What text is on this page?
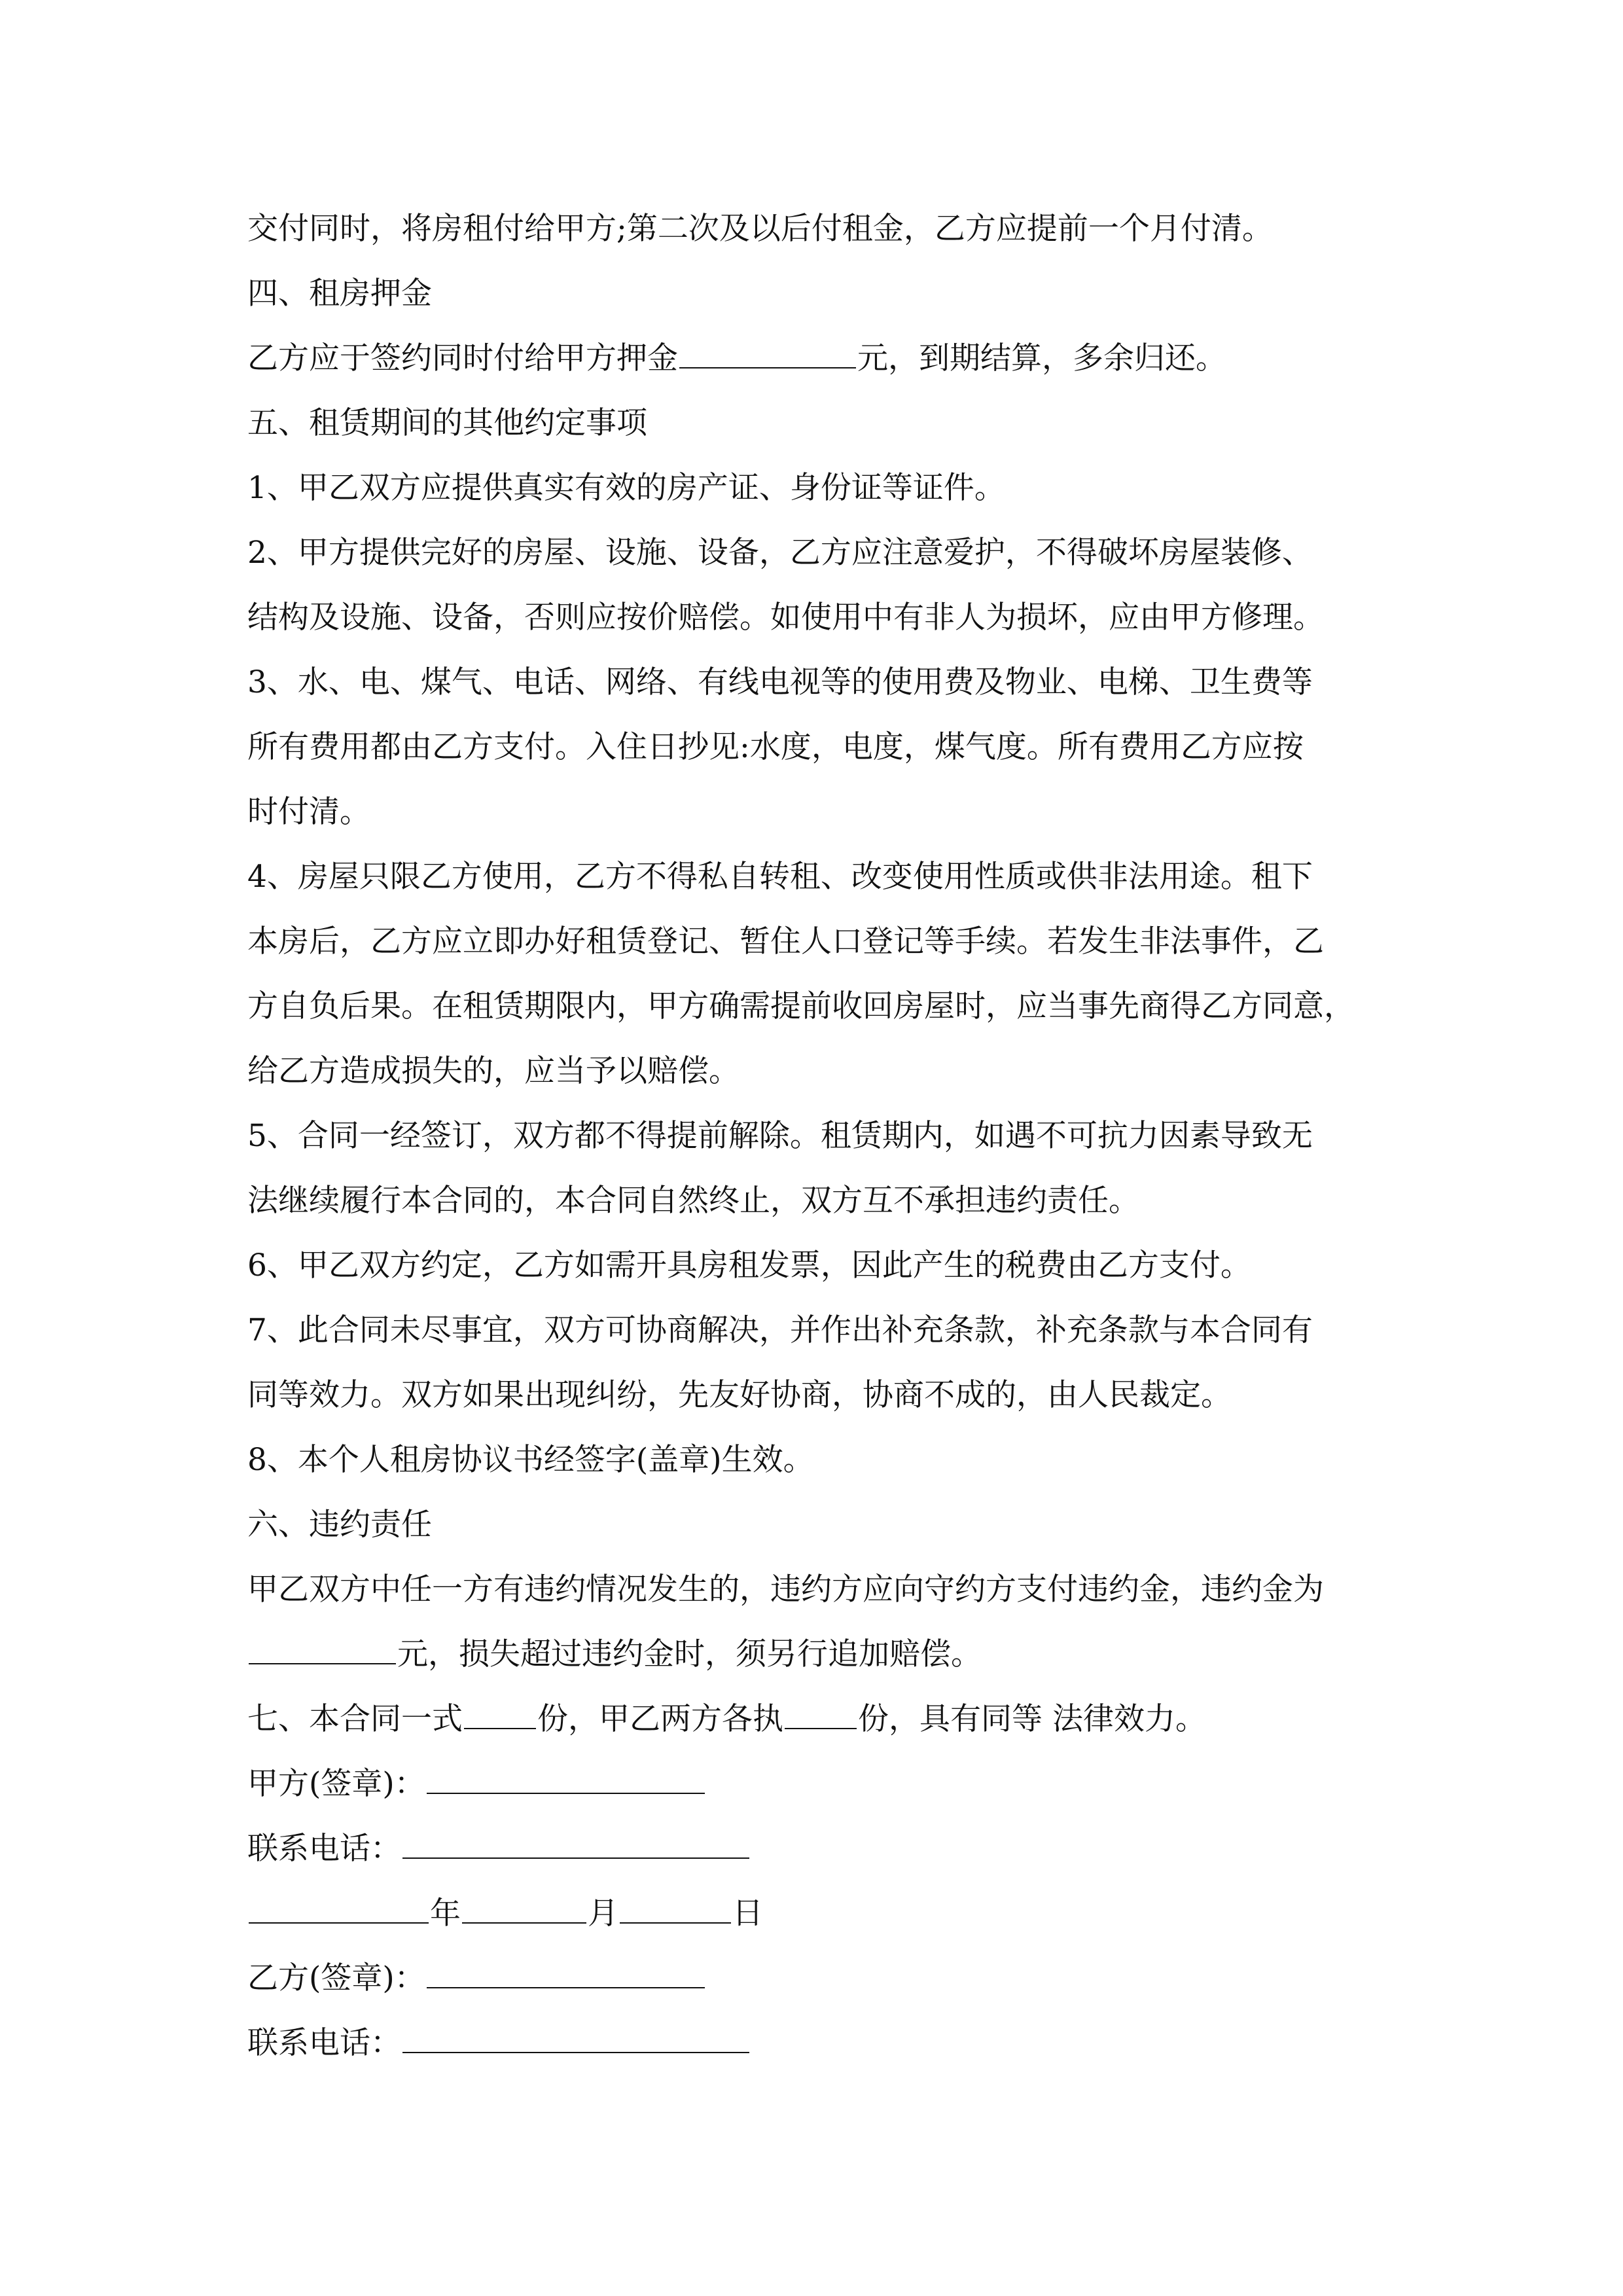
交付同时，将房租付给甲方;第二次及以后付租金，乙方应提前一个月付清。
四、租房押金
乙方应于签约同时付给甲方押金	元，到期结算，多余归还。
五、租赁期间的其他约定事项
1、甲乙双方应提供真实有效的房产证、身份证等证件。
2、甲方提供完好的房屋、设施、设备，乙方应注意爱护，不得破坏房屋装修、
结构及设施、设备，否则应按价赔偿。如使用中有非人为损坏，应由甲方修理。
3、水、电、煤气、电话、网络、有线电视等的使用费及物业、电梯、卫生费等
所有费用都由乙方支付。入住日抄见:水度，电度，煤气度。所有费用乙方应按
时付清。
4、房屋只限乙方使用，乙方不得私自转租、改变使用性质或供非法用途。租下
本房后，乙方应立即办好租赁登记、暂住人口登记等手续。若发生非法事件，乙
方自负后果。在租赁期限内，甲方确需提前收回房屋时，应当事先商得乙方同意，
给乙方造成损失的，应当予以赔偿。
5、合同一经签订，双方都不得提前解除。租赁期内，如遇不可抗力因素导致无
法继续履行本合同的，本合同自然终止，双方互不承担违约责任。
6、甲乙双方约定，乙方如需开具房租发票，因此产生的税费由乙方支付。
7、此合同未尽事宜，双方可协商解决，并作出补充条款，补充条款与本合同有
同等效力。双方如果出现纠纷，先友好协商，协商不成的，由人民裁定。
8、本个人租房协议书经签字(盖章)生效。
六、违约责任
甲乙双方中任一方有违约情况发生的，违约方应向守约方支付违约金，违约金为
元，损失超过违约金时，须另行追加赔偿。
七、本合同一式 份，甲乙两方各执 份，具有同等 法律效力。
甲方(签章)：
联系电话：
年	月	日
乙方(签章)：
联系电话：
